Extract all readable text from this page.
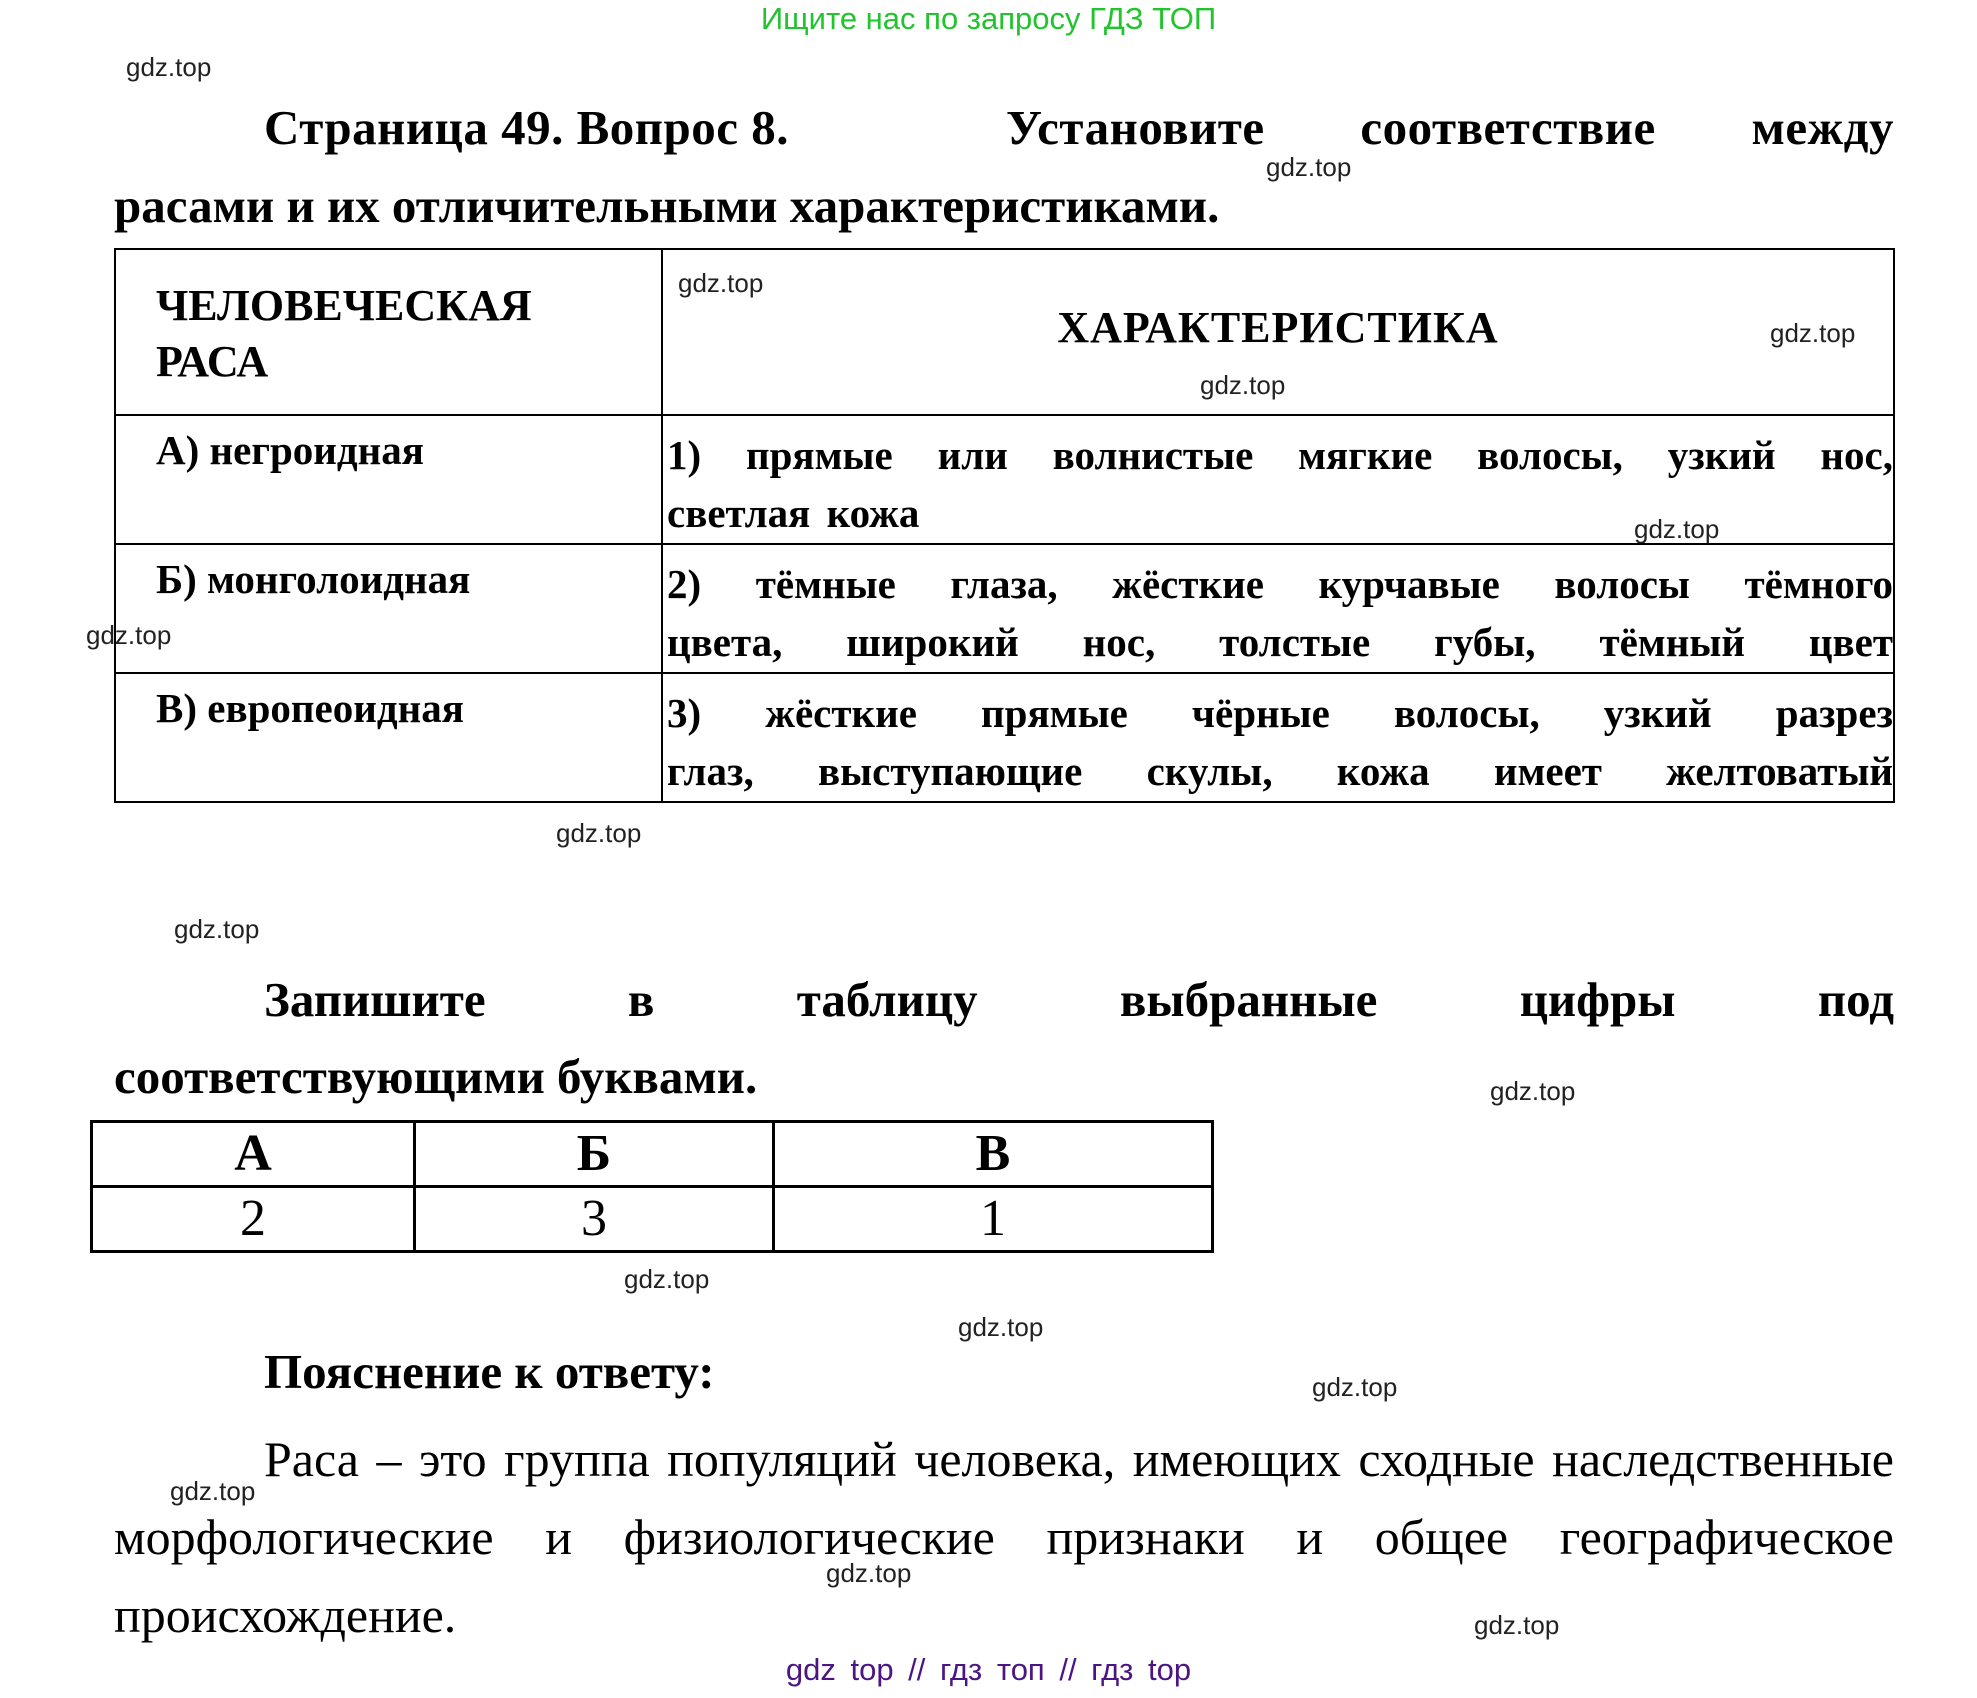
Ищите нас по запросу ГДЗ ТОП
gdz.top
gdz.top
gdz.top
gdz.top
gdz.top
gdz.top
gdz.top
gdz.top
gdz.top
gdz.top
gdz.top
gdz.top
gdz.top
gdz.top
gdz.top
gdz.top
Страница 49. Вопрос 8.	Установите соответствие между
расами и их отличительными характеристиками.
ЧЕЛОВЕЧЕСКАЯ
РАСА	ХАРАКТЕРИСТИКА

А) негроидная	1) прямые или волнистые мягкие волосы, узкий нос,
светлая кожа

Б) монголоидная	2) тёмные глаза, жёсткие курчавые волосы тёмного
цвета, широкий нос, толстые губы, тёмный цвет

В) европеоидная	3) жёсткие прямые чёрные волосы, узкий разрез
глаз, выступающие скулы, кожа имеет желтоватый
Запишите	в	таблицу	выбранные	цифры	под
соответствующими буквами.
А	Б	В
2	3	1
Пояснение к ответу:
Раса – это группа популяций человека, имеющих сходные наследственные морфологические и физиологические признаки и общее географическое происхождение.
gdz top // гдз топ // гдз top
